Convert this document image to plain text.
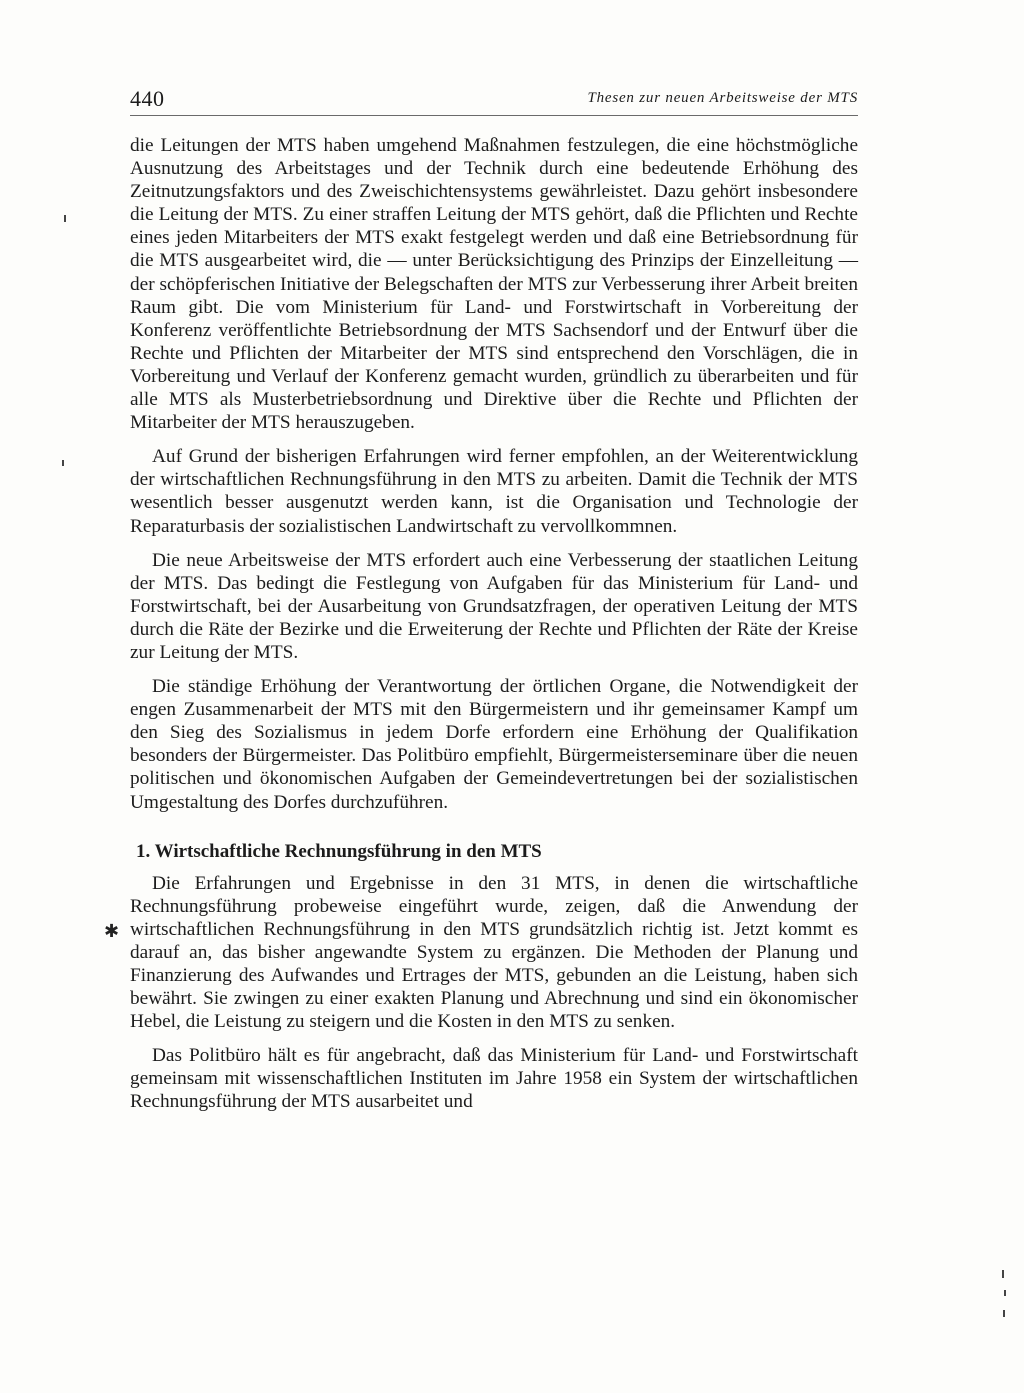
440	Thesen zur neuen Arbeitsweise der MTS

die Leitungen der MTS haben umgehend Maßnahmen festzulegen, die eine höchstmögliche Ausnutzung des Arbeitstages und der Technik durch eine bedeutende Erhöhung des Zeitnutzungsfaktors und des Zweischichtensystems gewährleistet. Dazu gehört insbesondere die Leitung der MTS. Zu einer straffen Leitung der MTS gehört, daß die Pflichten und Rechte eines jeden Mitarbeiters der MTS exakt festgelegt werden und daß eine Betriebsordnung für die MTS ausgearbeitet wird, die — unter Berücksichtigung des Prinzips der Einzelleitung — der schöpferischen Initiative der Belegschaften der MTS zur Verbesserung ihrer Arbeit breiten Raum gibt. Die vom Ministerium für Land- und Forstwirtschaft in Vorbereitung der Konferenz veröffentlichte Betriebsordnung der MTS Sachsendorf und der Entwurf über die Rechte und Pflichten der Mitarbeiter der MTS sind entsprechend den Vorschlägen, die in Vorbereitung und Verlauf der Konferenz gemacht wurden, gründlich zu überarbeiten und für alle MTS als Musterbetriebsordnung und Direktive über die Rechte und Pflichten der Mitarbeiter der MTS herauszugeben.

Auf Grund der bisherigen Erfahrungen wird ferner empfohlen, an der Weiterentwicklung der wirtschaftlichen Rechnungsführung in den MTS zu arbeiten. Damit die Technik der MTS wesentlich besser ausgenutzt werden kann, ist die Organisation und Technologie der Reparaturbasis der sozialistischen Landwirtschaft zu vervollkommnen.

Die neue Arbeitsweise der MTS erfordert auch eine Verbesserung der staatlichen Leitung der MTS. Das bedingt die Festlegung von Aufgaben für das Ministerium für Land- und Forstwirtschaft, bei der Ausarbeitung von Grundsatzfragen, der operativen Leitung der MTS durch die Räte der Bezirke und die Erweiterung der Rechte und Pflichten der Räte der Kreise zur Leitung der MTS.

Die ständige Erhöhung der Verantwortung der örtlichen Organe, die Notwendigkeit der engen Zusammenarbeit der MTS mit den Bürgermeistern und ihr gemeinsamer Kampf um den Sieg des Sozialismus in jedem Dorfe erfordern eine Erhöhung der Qualifikation besonders der Bürgermeister. Das Politbüro empfiehlt, Bürgermeisterseminare über die neuen politischen und ökonomischen Aufgaben der Gemeindevertretungen bei der sozialistischen Umgestaltung des Dorfes durchzuführen.

1. Wirtschaftliche Rechnungsführung in den MTS

Die Erfahrungen und Ergebnisse in den 31 MTS, in denen die wirtschaftliche Rechnungsführung probeweise eingeführt wurde, zeigen, daß die Anwendung der wirtschaftlichen Rechnungsführung in den MTS grundsätzlich richtig ist. Jetzt kommt es darauf an, das bisher angewandte System zu ergänzen. Die Methoden der Planung und Finanzierung des Aufwandes und Ertrages der MTS, gebunden an die Leistung, haben sich bewährt. Sie zwingen zu einer exakten Planung und Abrechnung und sind ein ökonomischer Hebel, die Leistung zu steigern und die Kosten in den MTS zu senken.

Das Politbüro hält es für angebracht, daß das Ministerium für Land- und Forstwirtschaft gemeinsam mit wissenschaftlichen Instituten im Jahre 1958 ein System der wirtschaftlichen Rechnungsführung der MTS ausarbeitet und

✱
